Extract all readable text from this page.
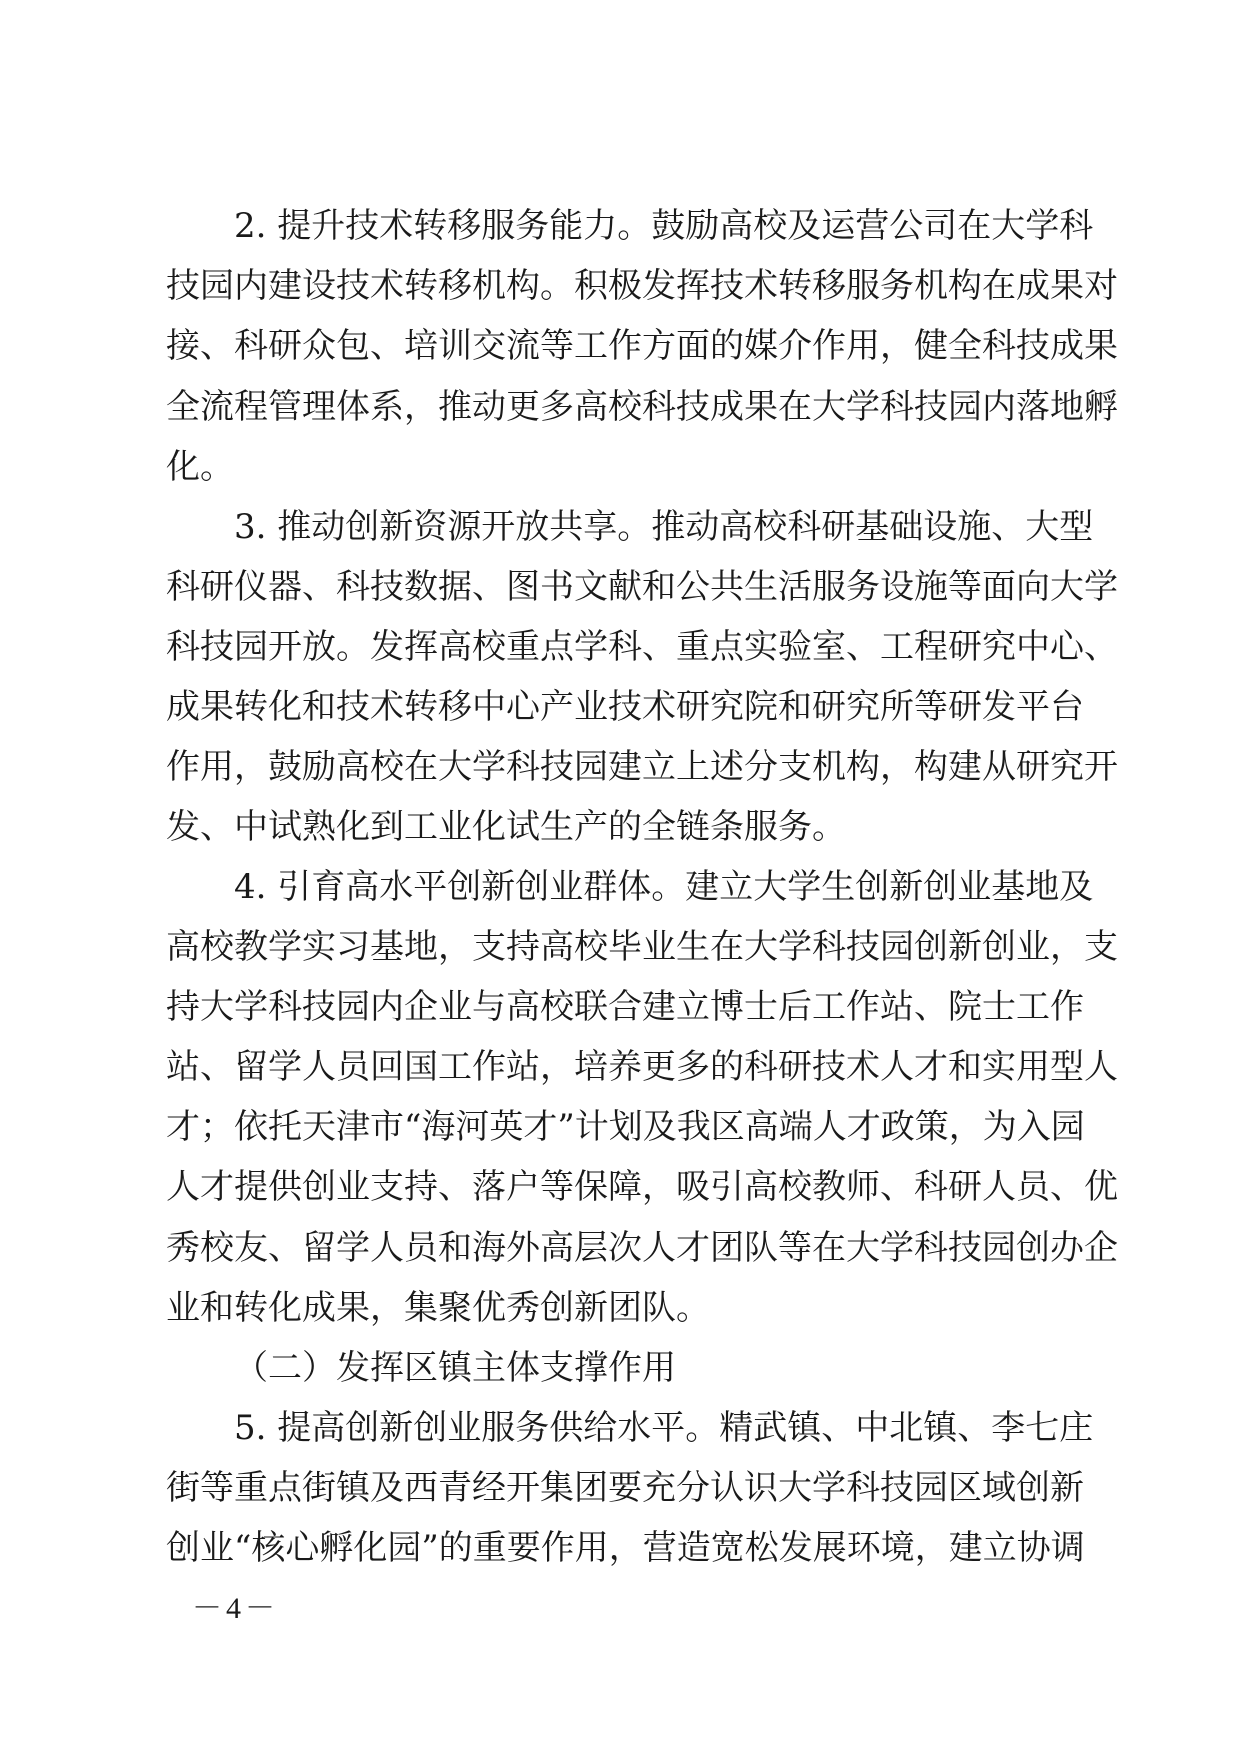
2. 提升技术转移服务能力。鼓励高校及运营公司在大学科
技园内建设技术转移机构。积极发挥技术转移服务机构在成果对
接、科研众包、培训交流等工作方面的媒介作用，健全科技成果
全流程管理体系，推动更多高校科技成果在大学科技园内落地孵
化。
3. 推动创新资源开放共享。推动高校科研基础设施、大型
科研仪器、科技数据、图书文献和公共生活服务设施等面向大学
科技园开放。发挥高校重点学科、重点实验室、工程研究中心、
成果转化和技术转移中心产业技术研究院和研究所等研发平台
作用，鼓励高校在大学科技园建立上述分支机构，构建从研究开
发、中试熟化到工业化试生产的全链条服务。
4. 引育高水平创新创业群体。建立大学生创新创业基地及
高校教学实习基地，支持高校毕业生在大学科技园创新创业，支
持大学科技园内企业与高校联合建立博士后工作站、院士工作
站、留学人员回国工作站，培养更多的科研技术人才和实用型人
才；依托天津市“海河英才”计划及我区高端人才政策，为入园
人才提供创业支持、落户等保障，吸引高校教师、科研人员、优
秀校友、留学人员和海外高层次人才团队等在大学科技园创办企
业和转化成果，集聚优秀创新团队。
（二）发挥区镇主体支撑作用
5. 提高创新创业服务供给水平。精武镇、中北镇、李七庄
街等重点街镇及西青经开集团要充分认识大学科技园区域创新
创业“核心孵化园”的重要作用，营造宽松发展环境，建立协调
－4－
